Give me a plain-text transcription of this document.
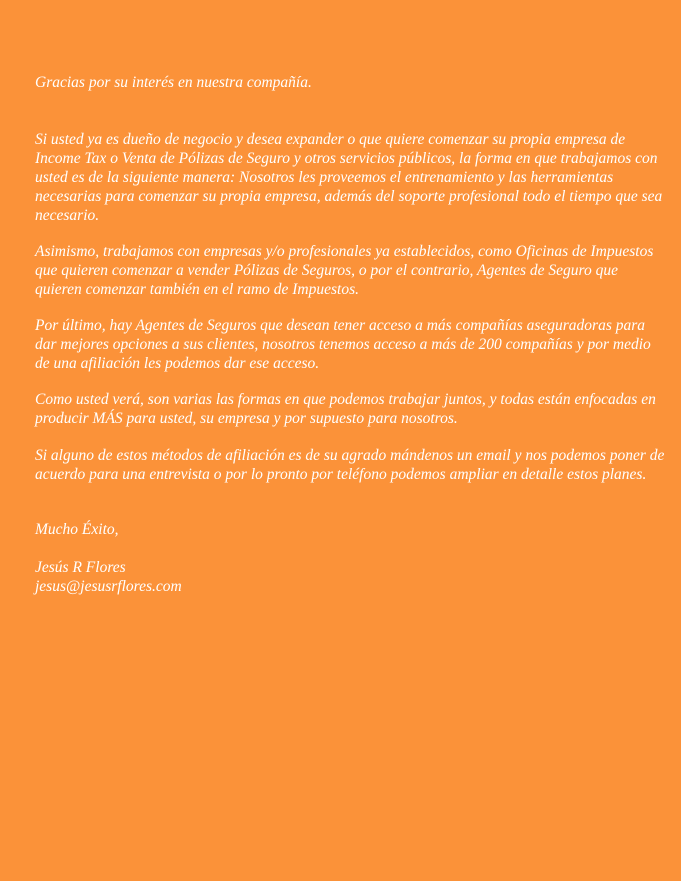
Gracias por su interés en nuestra compañía.

Si usted ya es dueño de negocio y desea expander o que quiere comenzar su propia empresa de Income Tax o Venta de Pólizas de Seguro y otros servicios públicos, la forma en que trabajamos con usted es de la siguiente manera: Nosotros les proveemos el entrenamiento y las herramientas necesarias para comenzar su propia empresa, además del soporte profesional todo el tiempo que sea necesario.

Asimismo, trabajamos con empresas y/o profesionales ya establecidos, como Oficinas de Impuestos que quieren comenzar a vender Pólizas de Seguros, o por el contrario, Agentes de Seguro que quieren comenzar también en el ramo de Impuestos.

Por último, hay Agentes de Seguros que desean tener acceso a más compañías aseguradoras para dar mejores opciones a sus clientes, nosotros tenemos acceso a más de 200 compañías y por medio de una afiliación les podemos dar ese acceso.

Como usted verá, son varias las formas en que podemos trabajar juntos, y todas están enfocadas en producir MÁS para usted, su empresa y por supuesto para nosotros.

Si alguno de estos métodos de afiliación es de su agrado mándenos un email y nos podemos poner de acuerdo para una entrevista o por lo pronto por teléfono podemos ampliar en detalle estos planes.

Mucho Éxito,

Jesús R Flores
jesus@jesusrflores.com
